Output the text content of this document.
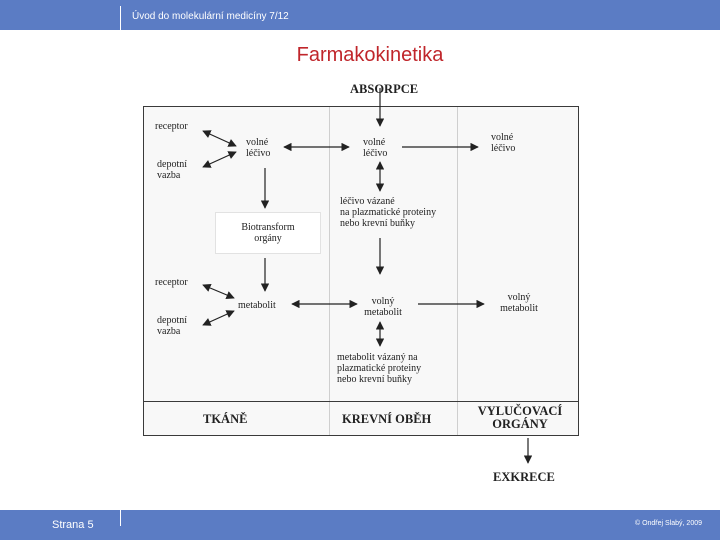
Úvod do molekulární medicíny 7/12
Farmakokinetika
ABSORPCE
receptor
depotní
vazba
volné
léčivo
Biotransform
orgány
receptor
depotní
vazba
metabolit
volné
léčivo
léčivo vázané
na plazmatické proteiny
nebo krevní buňky
volný
metabolit
metabolit vázaný na
plazmatické proteiny
nebo krevní buňky
volné
léčivo
volný
metabolit
TKÁNĚ	KREVNÍ OBĚH
VYLUČOVACÍ
ORGÁNY
EXKRECE
Strana 5	© Ondřej Slabý, 2009
